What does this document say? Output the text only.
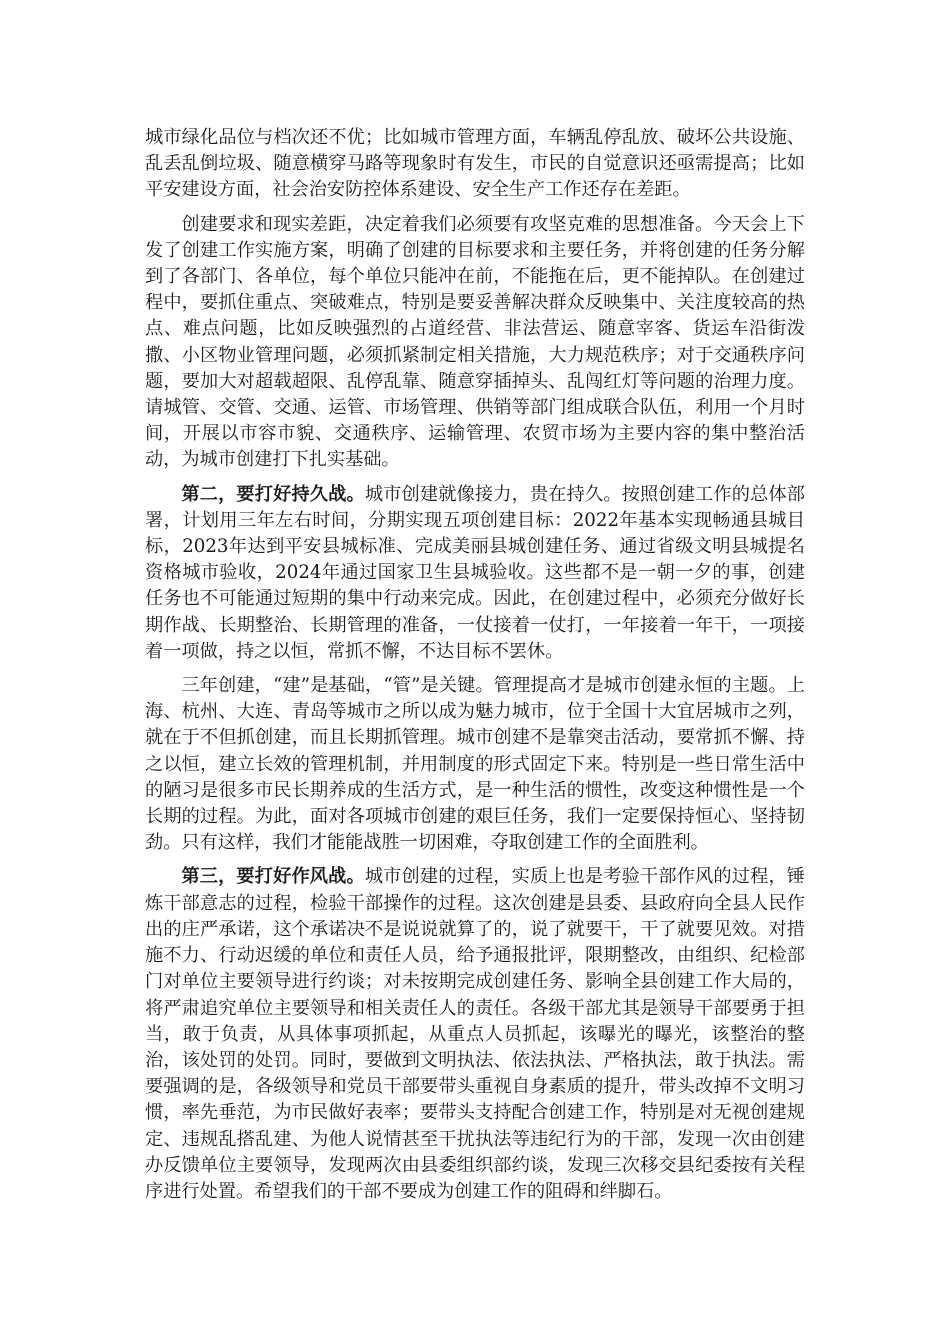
城市绿化品位与档次还不优；比如城市管理方面，车辆乱停乱放、破坏公共设施、乱丢乱倒垃圾、随意横穿马路等现象时有发生，市民的自觉意识还亟需提高；比如平安建设方面，社会治安防控体系建设、安全生产工作还存在差距。

创建要求和现实差距，决定着我们必须要有攻坚克难的思想准备。今天会上下发了创建工作实施方案，明确了创建的目标要求和主要任务，并将创建的任务分解到了各部门、各单位，每个单位只能冲在前，不能拖在后，更不能掉队。在创建过程中，要抓住重点、突破难点，特别是要妥善解决群众反映集中、关注度较高的热点、难点问题，比如反映强烈的占道经营、非法营运、随意宰客、货运车沿街泼撒、小区物业管理问题，必须抓紧制定相关措施，大力规范秩序；对于交通秩序问题，要加大对超载超限、乱停乱靠、随意穿插掉头、乱闯红灯等问题的治理力度。请城管、交管、交通、运管、市场管理、供销等部门组成联合队伍，利用一个月时间，开展以市容市貌、交通秩序、运输管理、农贸市场为主要内容的集中整治活动，为城市创建打下扎实基础。

第二，要打好持久战。城市创建就像接力，贵在持久。按照创建工作的总体部署，计划用三年左右时间，分期实现五项创建目标：2022年基本实现畅通县城目标，2023年达到平安县城标准、完成美丽县城创建任务、通过省级文明县城提名资格城市验收，2024年通过国家卫生县城验收。这些都不是一朝一夕的事，创建任务也不可能通过短期的集中行动来完成。因此，在创建过程中，必须充分做好长期作战、长期整治、长期管理的准备，一仗接着一仗打，一年接着一年干，一项接着一项做，持之以恒，常抓不懈，不达目标不罢休。

三年创建，“建”是基础，“管”是关键。管理提高才是城市创建永恒的主题。上海、杭州、大连、青岛等城市之所以成为魅力城市，位于全国十大宜居城市之列，就在于不但抓创建，而且长期抓管理。城市创建不是靠突击活动，要常抓不懈、持之以恒，建立长效的管理机制，并用制度的形式固定下来。特别是一些日常生活中的陋习是很多市民长期养成的生活方式，是一种生活的惯性，改变这种惯性是一个长期的过程。为此，面对各项城市创建的艰巨任务，我们一定要保持恒心、坚持韧劲。只有这样，我们才能能战胜一切困难，夺取创建工作的全面胜利。

第三，要打好作风战。城市创建的过程，实质上也是考验干部作风的过程，锤炼干部意志的过程，检验干部操作的过程。这次创建是县委、县政府向全县人民作出的庄严承诺，这个承诺决不是说说就算了的，说了就要干，干了就要见效。对措施不力、行动迟缓的单位和责任人员，给予通报批评，限期整改，由组织、纪检部门对单位主要领导进行约谈；对未按期完成创建任务、影响全县创建工作大局的，将严肃追究单位主要领导和相关责任人的责任。各级干部尤其是领导干部要勇于担当，敢于负责，从具体事项抓起，从重点人员抓起，该曝光的曝光，该整治的整治，该处罚的处罚。同时，要做到文明执法、依法执法、严格执法，敢于执法。需要强调的是，各级领导和党员干部要带头重视自身素质的提升，带头改掉不文明习惯，率先垂范，为市民做好表率；要带头支持配合创建工作，特别是对无视创建规定、违规乱搭乱建、为他人说情甚至干扰执法等违纪行为的干部，发现一次由创建办反馈单位主要领导，发现两次由县委组织部约谈，发现三次移交县纪委按有关程序进行处置。希望我们的干部不要成为创建工作的阻碍和绊脚石。
